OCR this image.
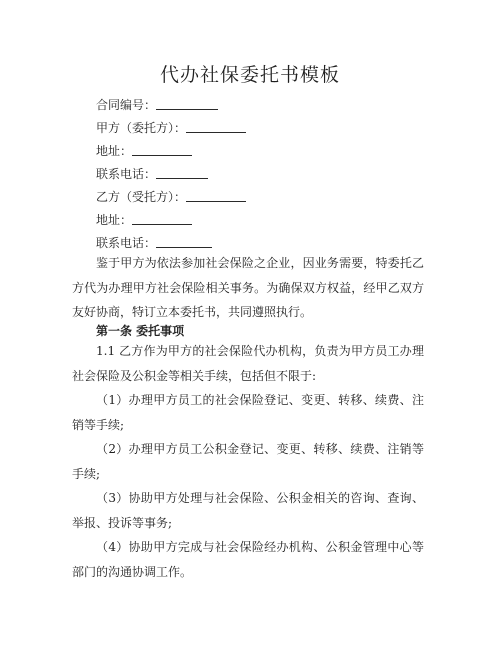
代办社保委托书模板
合同编号：
甲方（委托方）：
地址：
联系电话：
乙方（受托方）：
地址：
联系电话：

鉴于甲方为依法参加社会保险之企业，因业务需要，特委托乙方代为办理甲方社会保险相关事务。为确保双方权益，经甲乙双方友好协商，特订立本委托书，共同遵照执行。

第一条 委托事项

1.1 乙方作为甲方的社会保险代办机构，负责为甲方员工办理社会保险及公积金等相关手续，包括但不限于:

（1）办理甲方员工的社会保险登记、变更、转移、续费、注销等手续;

（2）办理甲方员工公积金登记、变更、转移、续费、注销等手续;

（3）协助甲方处理与社会保险、公积金相关的咨询、查询、举报、投诉等事务;

（4）协助甲方完成与社会保险经办机构、公积金管理中心等部门的沟通协调工作。
